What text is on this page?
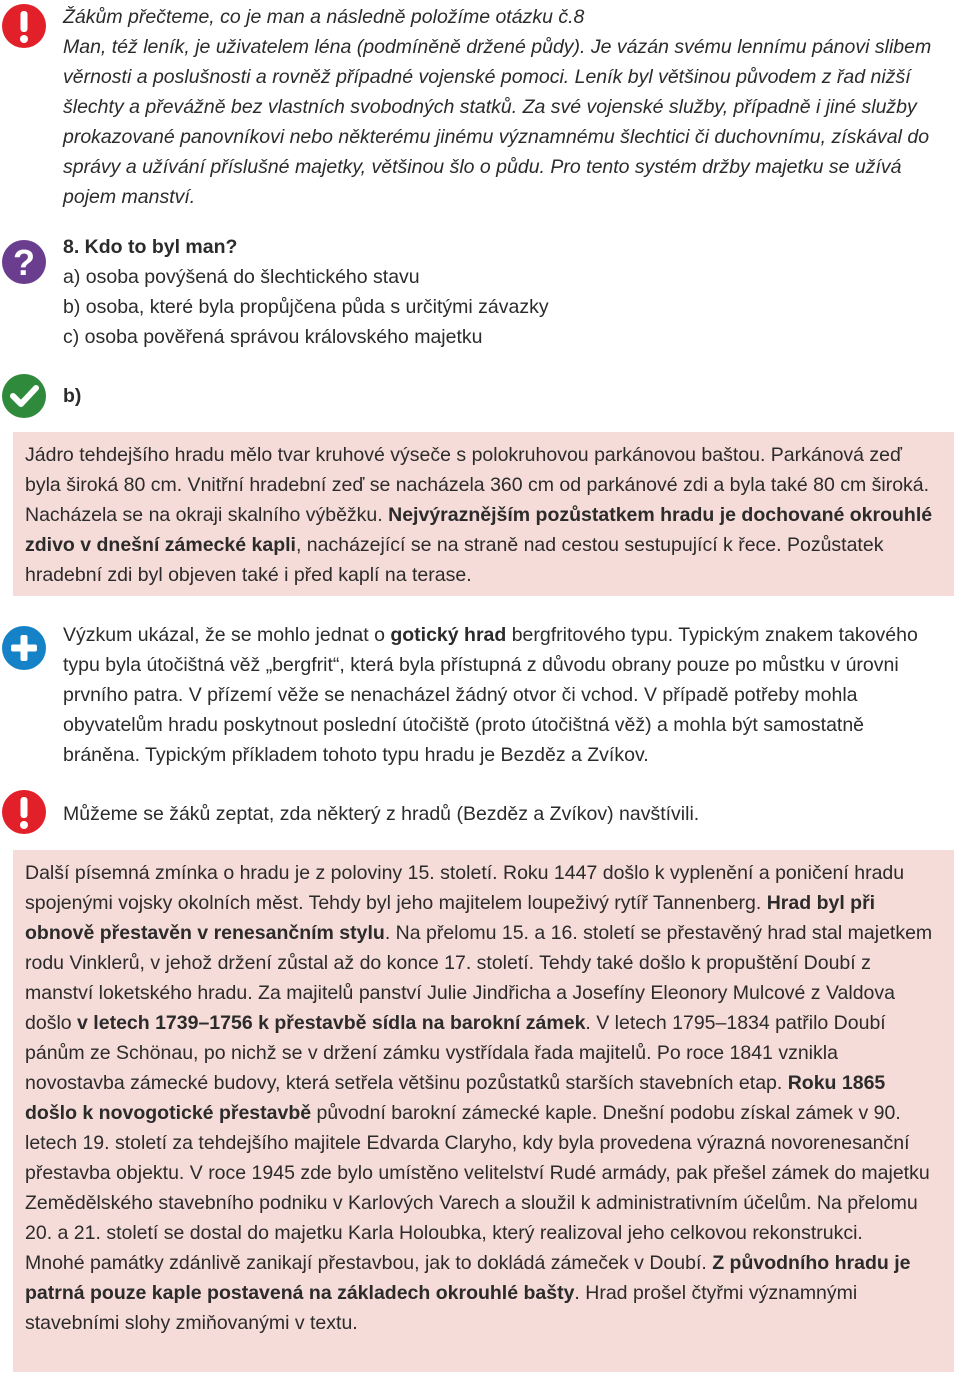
Žákům přečteme, co je man a následně položíme otázku č.8

Man, též leník, je uživatelem léna (podmíněně držené půdy). Je vázán svému lennímu pánovi slibem věrnosti a poslušnosti a rovněž případné vojenské pomoci. Leník byl většinou původem z řad nižší šlechty a převážně bez vlastních svobodných statků. Za své vojenské služby, případně i jiné služby prokazované panovníkovi nebo některému jinému významnému šlechtici či duchovnímu, získával do správy a užívání příslušné majetky, většinou šlo o půdu. Pro tento systém držby majetku se užívá pojem manství.

? 8. Kdo to byl man?

a) osoba povýšená do šlechtického stavu

b) osoba, které byla propůjčena půda s určitými závazky

c) osoba pověřená správou královského majetku

b)

Jádro tehdejšího hradu mělo tvar kruhové výseče s polokruhovou parkánovou baštou. Parkánová zeď byla široká 80 cm. Vnitřní hradební zeď se nacházela 360 cm od parkánové zdi a byla také 80 cm široká. Nacházela se na okraji skalního výběžku. Nejvýraznějším pozůstatkem hradu je dochované okrouhlé zdivo v dnešní zámecké kapli, nacházející se na straně nad cestou sestupující k řece. Pozůstatek hradební zdi byl objeven také i před kaplí na terase.

Výzkum ukázal, že se mohlo jednat o gotický hrad bergfritového typu. Typickým znakem takového typu byla útočištná věž „bergfrit“, která byla přístupná z důvodu obrany pouze po můstku v úrovni prvního patra. V přízemí věže se nenacházel žádný otvor či vchod. V případě potřeby mohla obyvatelům hradu poskytnout poslední útočiště (proto útočištná věž) a mohla být samostatně bráněna. Typickým příkladem tohoto typu hradu je Bezděz a Zvíkov.

Můžeme se žáků zeptat, zda některý z hradů (Bezděz a Zvíkov) navštívili.

Další písemná zmínka o hradu je z poloviny 15. století. Roku 1447 došlo k vyplenění a poničení hradu spojenými vojsky okolních měst. Tehdy byl jeho majitelem loupeživý rytíř Tannenberg. Hrad byl při obnově přestavěn v renesančním stylu. Na přelomu 15. a 16. století se přestavěný hrad stal majetkem rodu Vinklerů, v jehož držení zůstal až do konce 17. století. Tehdy také došlo k propuštění Doubí z manství loketského hradu. Za majitelů panství Julie Jindřicha a Josefíny Eleonory Mulcové z Valdova došlo v letech 1739–1756 k přestavbě sídla na barokní zámek. V letech 1795–1834 patřilo Doubí pánům ze Schönau, po nichž se v držení zámku vystřídala řada majitelů. Po roce 1841 vznikla novostavba zámecké budovy, která setřela většinu pozůstatků starších stavebních etap. Roku 1865 došlo k novogotické přestavbě původní barokní zámecké kaple. Dnešní podobu získal zámek v 90. letech 19. století za tehdejšího majitele Edvarda Claryho, kdy byla provedena výrazná novorenesanční přestavba objektu. V roce 1945 zde bylo umístěno velitelství Rudé armády, pak přešel zámek do majetku Zemědělského stavebního podniku v Karlových Varech a sloužil k administrativním účelům. Na přelomu 20. a 21. století se dostal do majetku Karla Holoubka, který realizoval jeho celkovou rekonstrukci.

Mnohé památky zdánlivě zanikají přestavbou, jak to dokládá zámeček v Doubí. Z původního hradu je patrná pouze kaple postavená na základech okrouhlé bašty. Hrad prošel čtyřmi významnými stavebními slohy zmiňovanými v textu.
